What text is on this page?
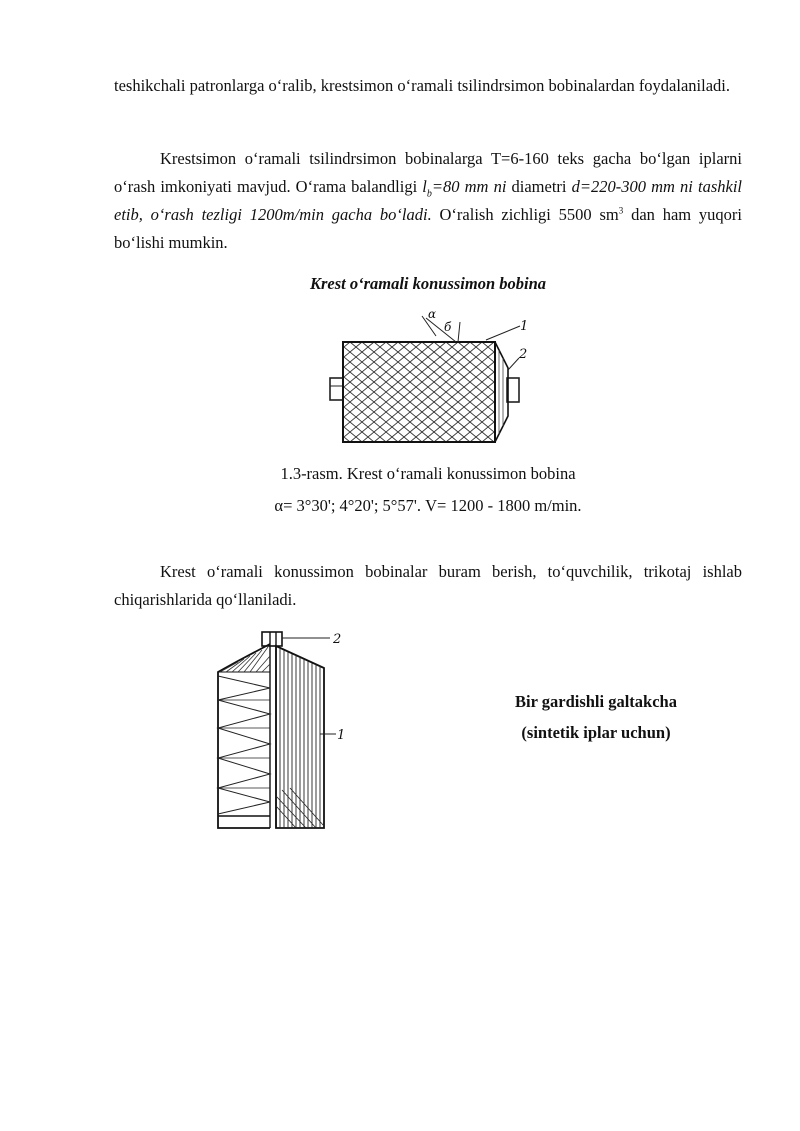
teshikchali patronlarga oʻralib, krestsimon oʻramali tsilindrsimon bobinalardan foydalaniladi.

Krestsimon oʻramali tsilindrsimon bobinalarga T=6-160 teks gacha boʻlgan iplarni oʻrash imkoniyati mavjud. Oʻrama balandligi $l_b=80$ mm ni diametri d=220-300 mm ni tashkil etib, oʻrash tezligi 1200m/min gacha boʻladi. Oʻralish zichligi 5500 $sm^3$ dan ham yuqori boʻlishi mumkin.

Krest oʻramali konussimon bobina
α
б	1
2
1.3-rasm. Krest oʻramali konussimon bobina
α= 3°30'; 4°20'; 5°57'. V= 1200 - 1800 m/min.

Krest oʻramali konussimon bobinalar buram berish, toʻquvchilik, trikotaj ishlab chiqarishlarida qoʻllaniladi.

2
1
Bir gardishli galtakcha
(sintetik iplar uchun)
